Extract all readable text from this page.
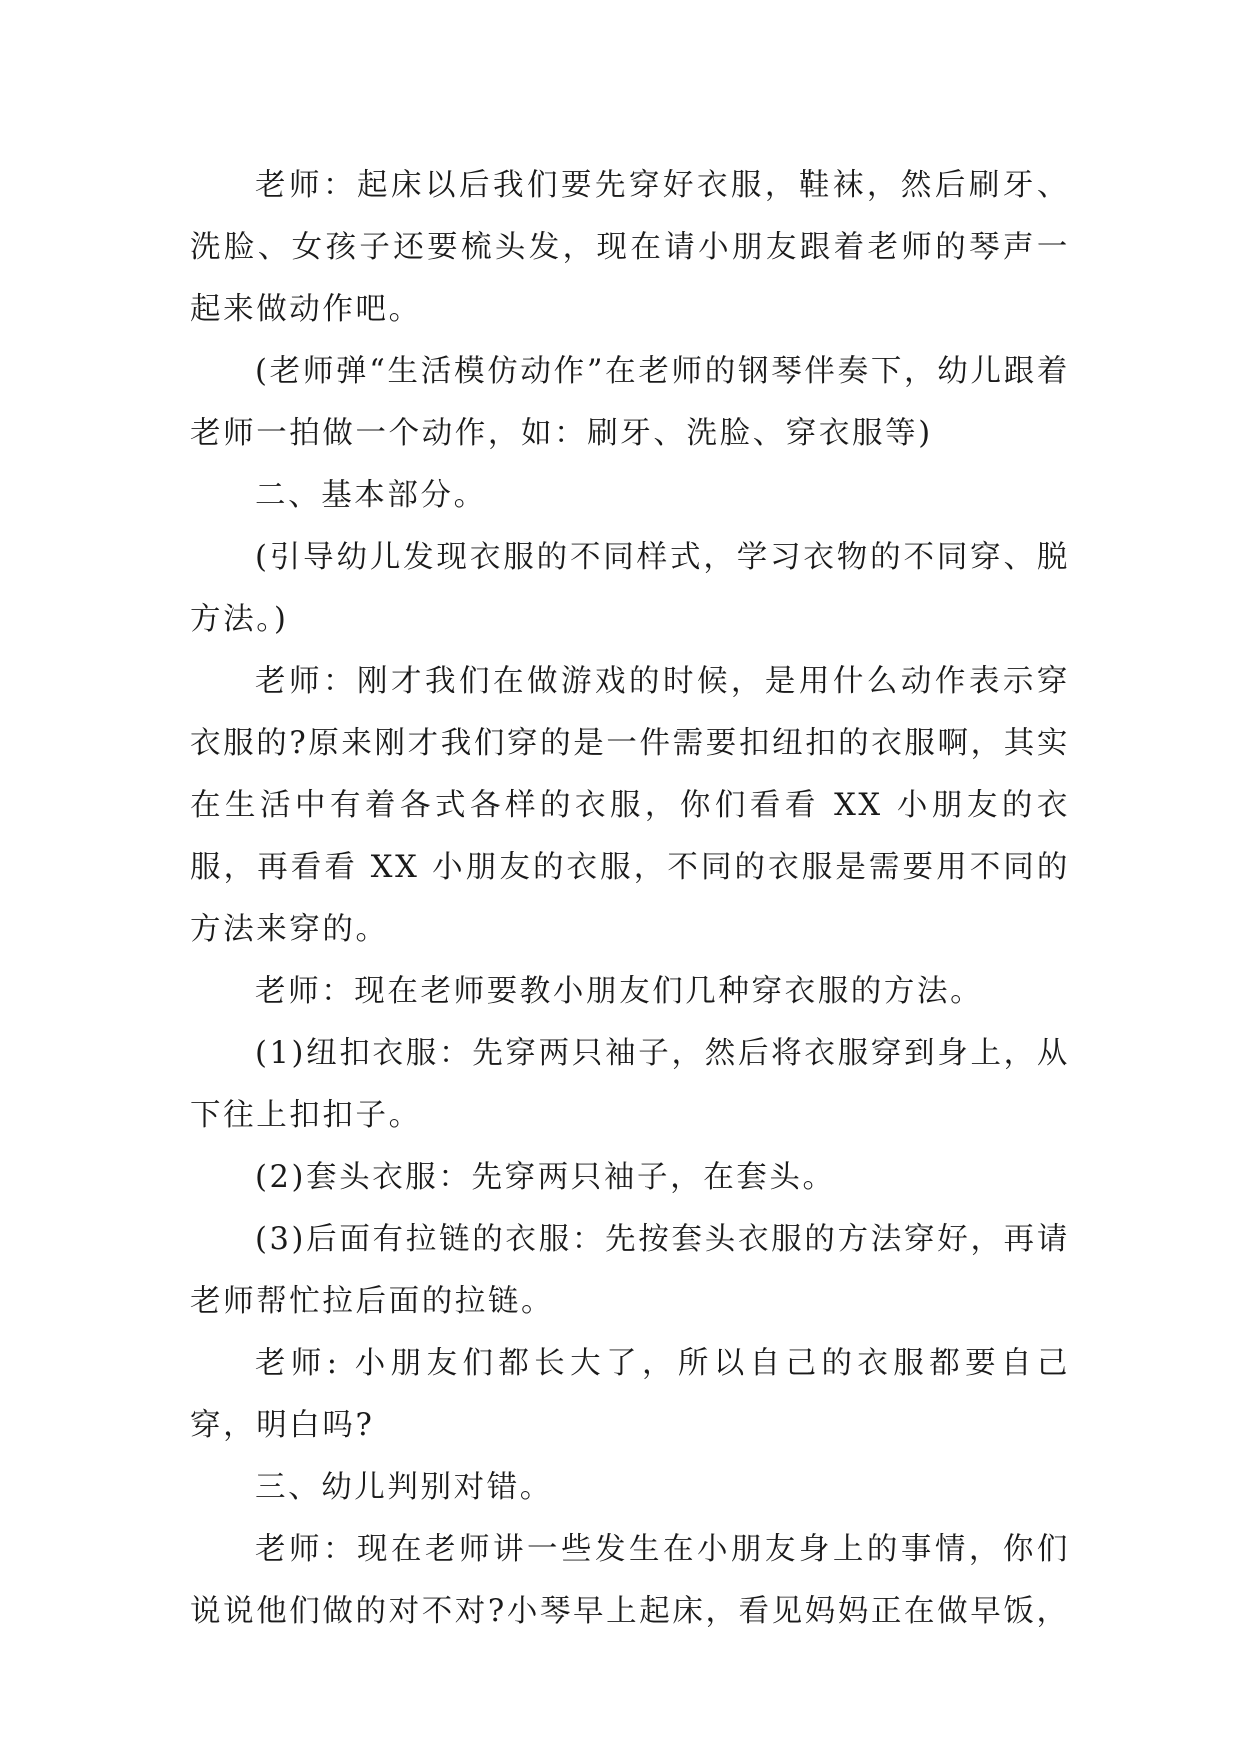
老师：起床以后我们要先穿好衣服，鞋袜，然后刷牙、洗脸、女孩子还要梳头发，现在请小朋友跟着老师的琴声一起来做动作吧。

(老师弹“生活模仿动作”在老师的钢琴伴奏下，幼儿跟着老师一拍做一个动作，如：刷牙、洗脸、穿衣服等)

二、基本部分。

(引导幼儿发现衣服的不同样式，学习衣物的不同穿、脱方法。)

老师：刚才我们在做游戏的时候，是用什么动作表示穿衣服的?原来刚才我们穿的是一件需要扣纽扣的衣服啊，其实在生活中有着各式各样的衣服，你们看看 XX 小朋友的衣服，再看看 XX 小朋友的衣服，不同的衣服是需要用不同的方法来穿的。

老师：现在老师要教小朋友们几种穿衣服的方法。

(1)纽扣衣服：先穿两只袖子，然后将衣服穿到身上，从下往上扣扣子。

(2)套头衣服：先穿两只袖子，在套头。

(3)后面有拉链的衣服：先按套头衣服的方法穿好，再请老师帮忙拉后面的拉链。

老师: 小朋友们都长大了，所以自己的衣服都要自己穿，明白吗?

三、幼儿判别对错。

老师：现在老师讲一些发生在小朋友身上的事情，你们说说他们做的对不对?小琴早上起床，看见妈妈正在做早饭，
